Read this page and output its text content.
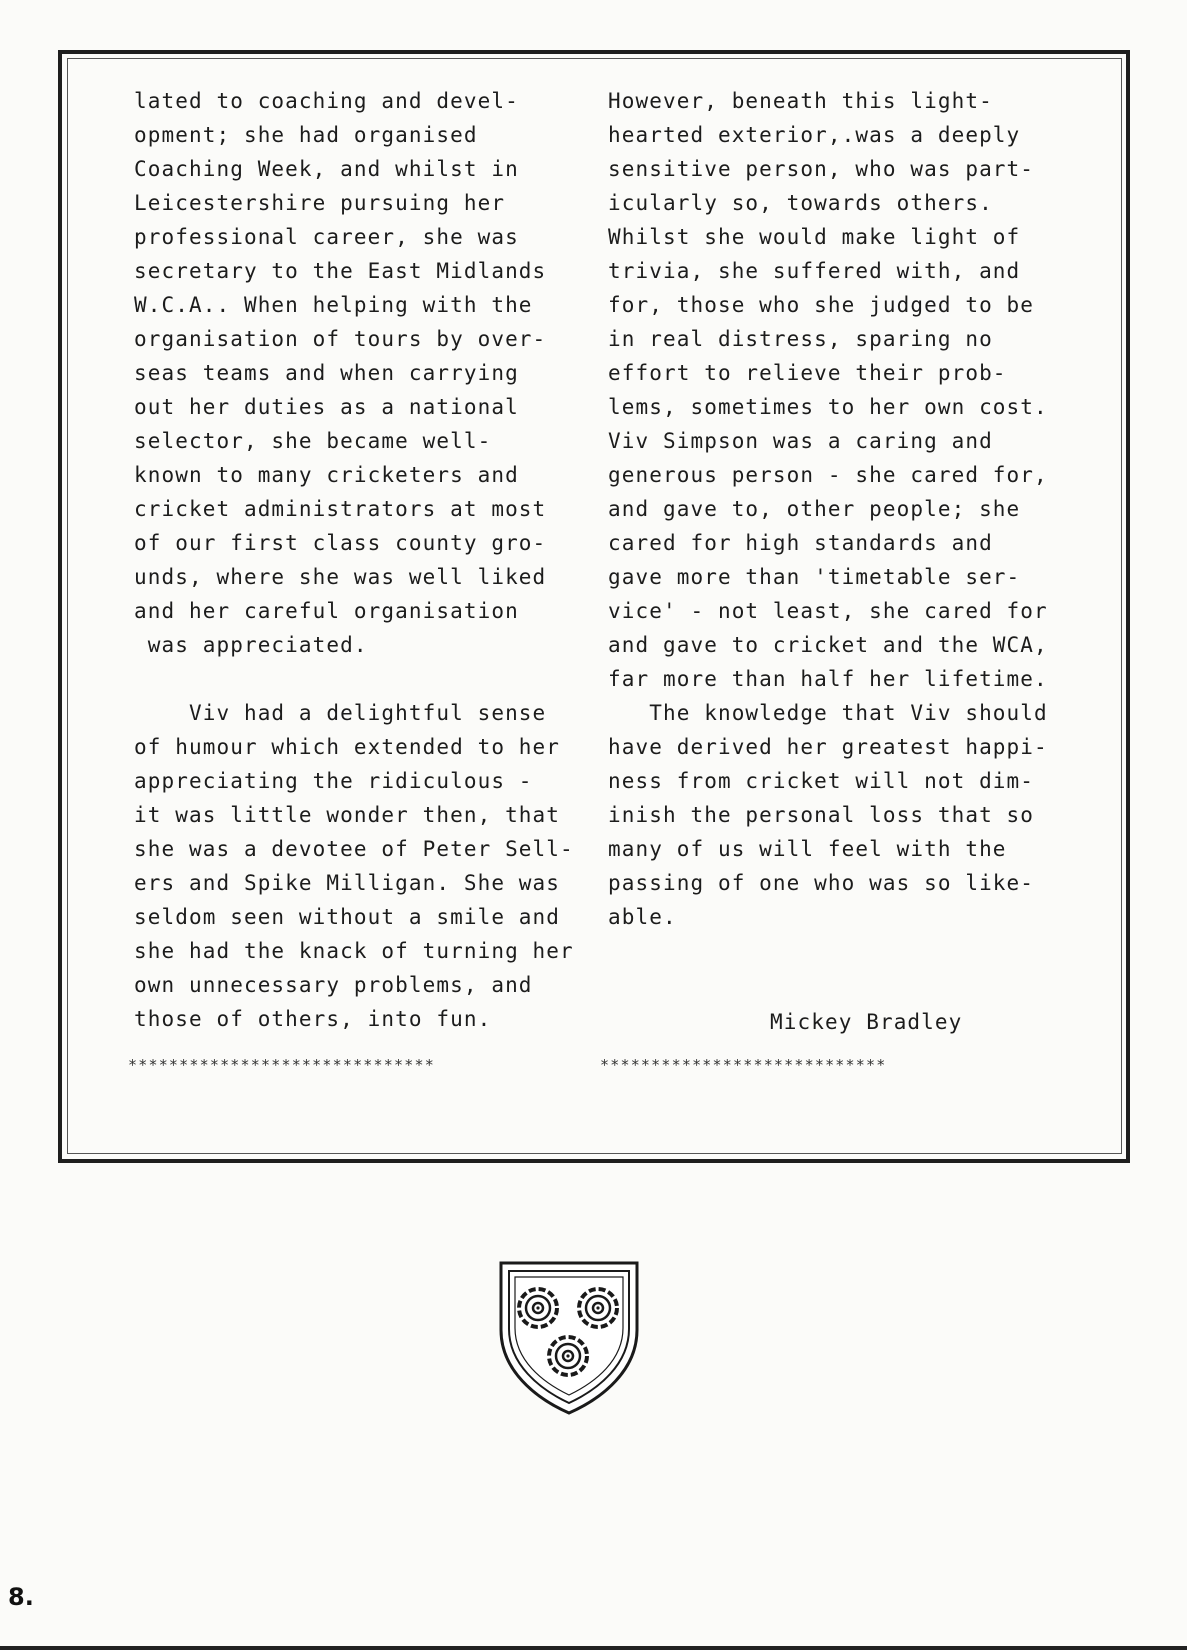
lated to coaching and devel-
opment; she had organised
Coaching Week, and whilst in
Leicestershire pursuing her
professional career, she was
secretary to the East Midlands
W.C.A.. When helping with the
organisation of tours by over-
seas teams and when carrying
out her duties as a national
selector, she became well-
known to many cricketers and
cricket administrators at most
of our first class county gro-
unds, where she was well liked
and her careful organisation
was appreciated.
Viv had a delightful sense
of humour which extended to her
appreciating the ridiculous -
it was little wonder then, that
she was a devotee of Peter Sell-
ers and Spike Milligan. She was
seldom seen without a smile and
she had the knack of turning her
own unnecessary problems, and
those of others, into fun.
However, beneath this light-
hearted exterior,.was a deeply
sensitive person, who was part-
icularly so, towards others.
Whilst she would make light of
trivia, she suffered with, and
for, those who she judged to be
in real distress, sparing no
effort to relieve their prob-
lems, sometimes to her own cost.
Viv Simpson was a caring and
generous person - she cared for,
and gave to, other people; she
cared for high standards and
gave more than 'timetable ser-
vice' - not least, she cared for
and gave to cricket and the WCA,
far more than half her lifetime.
The knowledge that Viv should
have derived her greatest happi-
ness from cricket will not dim-
inish the personal loss that so
many of us will feel with the
passing of one who was so like-
able.
Mickey Bradley
******************************	****************************
8.
